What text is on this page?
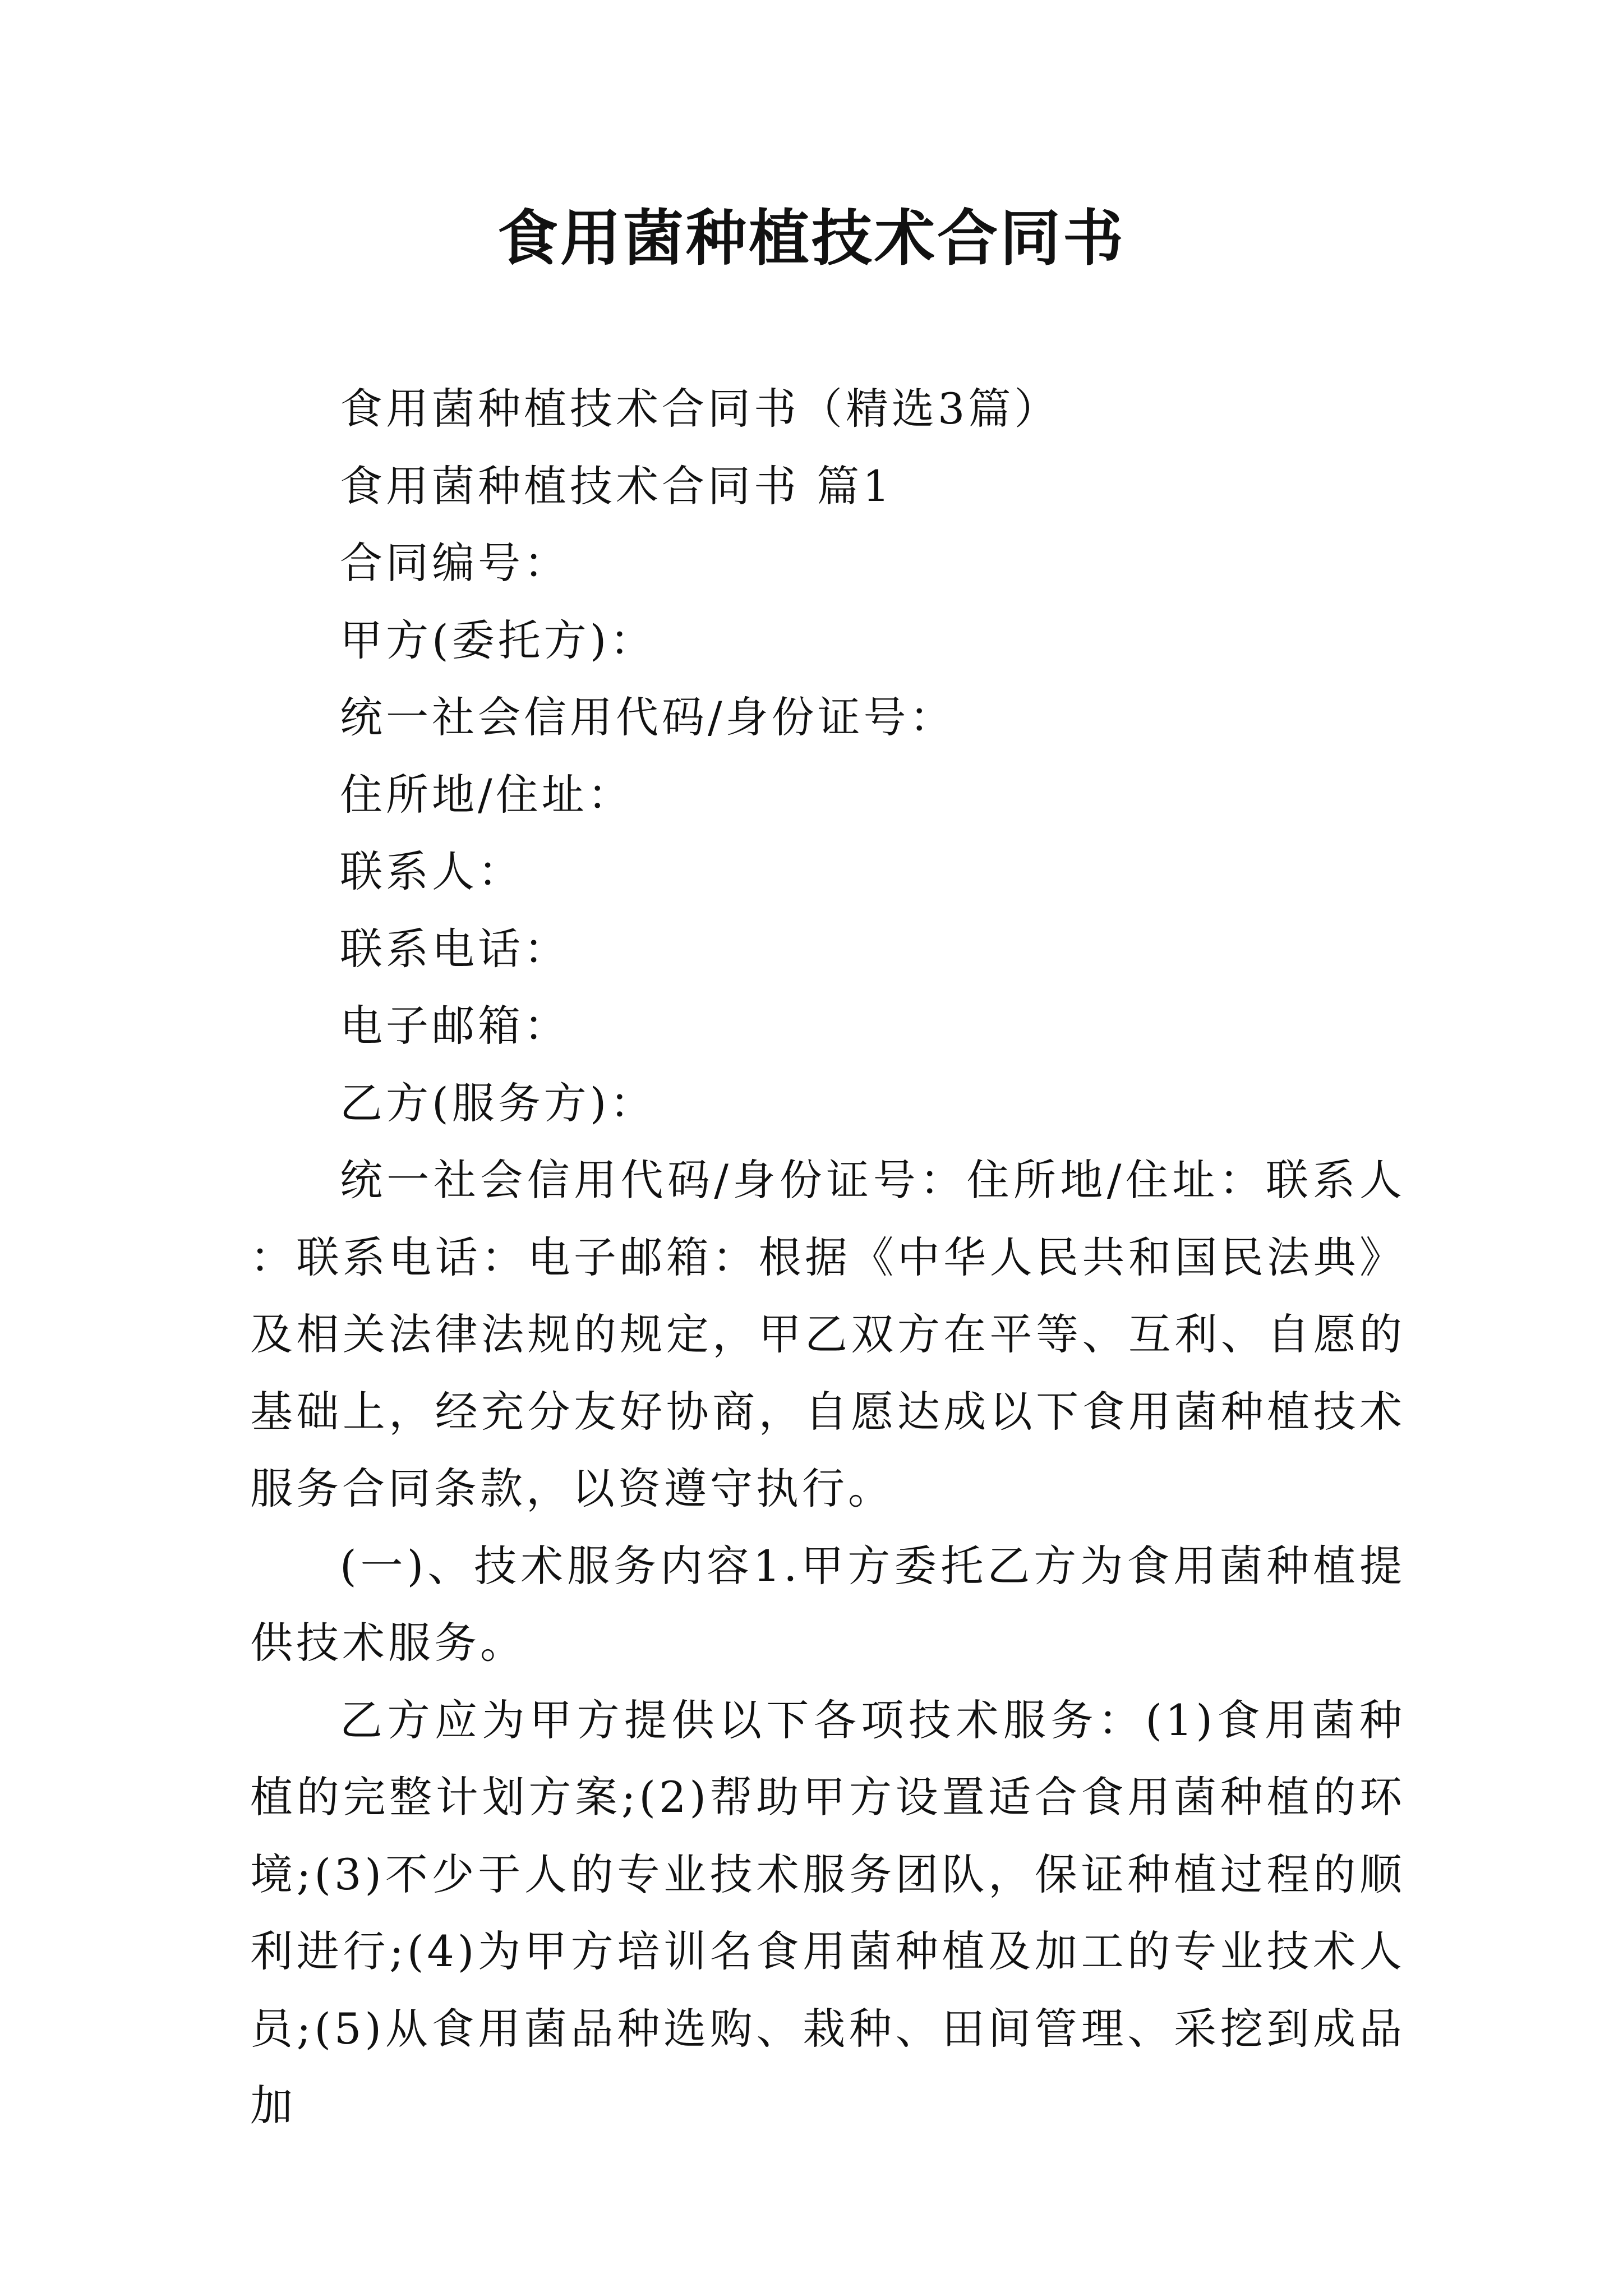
食用菌种植技术合同书

食用菌种植技术合同书（精选3篇）

食用菌种植技术合同书 篇1

合同编号：

甲方(委托方)：

统一社会信用代码/身份证号：

住所地/住址：

联系人：

联系电话：

电子邮箱：

乙方(服务方)：

统一社会信用代码/身份证号：住所地/住址：联系人：联系电话：电子邮箱：根据《中华人民共和国民法典》及相关法律法规的规定，甲乙双方在平等、互利、自愿的基础上，经充分友好协商，自愿达成以下食用菌种植技术服务合同条款，以资遵守执行。

(一)、技术服务内容1.甲方委托乙方为食用菌种植提供技术服务。

乙方应为甲方提供以下各项技术服务：(1)食用菌种植的完整计划方案;(2)帮助甲方设置适合食用菌种植的环境;(3)不少于人的专业技术服务团队，保证种植过程的顺利进行;(4)为甲方培训名食用菌种植及加工的专业技术人员;(5)从食用菌品种选购、栽种、田间管理、采挖到成品加
